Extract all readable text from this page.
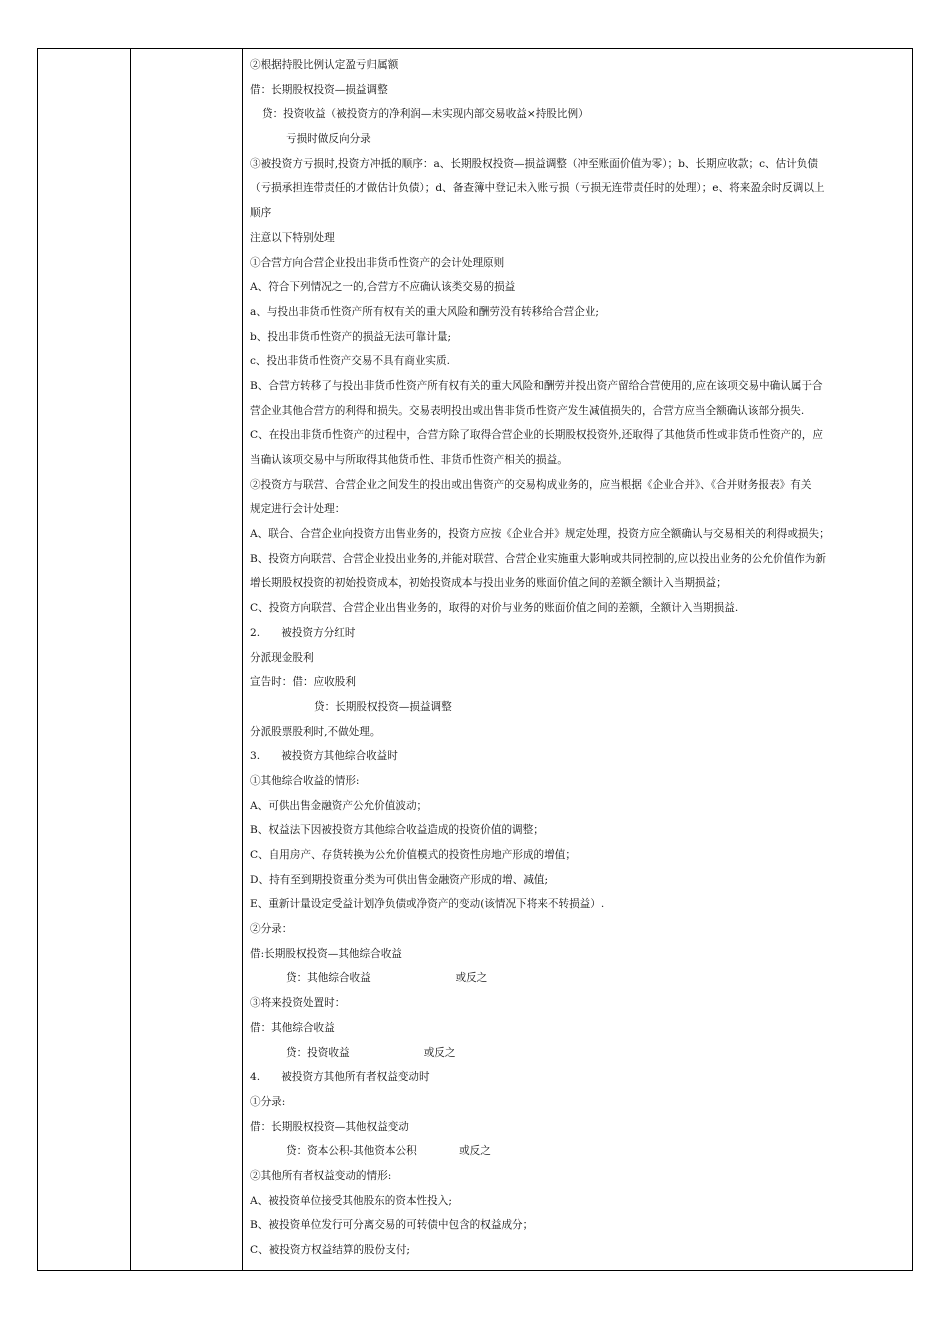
②根据持股比例认定盈亏归属额
借：长期股权投资—损益调整
贷：投资收益（被投资方的净利润—未实现内部交易收益×持股比例）
亏损时做反向分录
③被投资方亏损时,投资方冲抵的顺序：a、长期股权投资—损益调整（冲至账面价值为零）；b、长期应收款；c、估计负债
（亏损承担连带责任的才做估计负债）；d、备查簿中登记未入账亏损（亏损无连带责任时的处理）；e、将来盈余时反调以上
顺序
注意以下特别处理
①合营方向合营企业投出非货币性资产的会计处理原则
A、符合下列情况之一的,合营方不应确认该类交易的损益
a、与投出非货币性资产所有权有关的重大风险和酬劳没有转移给合营企业;
b、投出非货币性资产的损益无法可靠计量;
c、投出非货币性资产交易不具有商业实质.
B、合营方转移了与投出非货币性资产所有权有关的重大风险和酬劳并投出资产留给合营使用的,应在该项交易中确认属于合
营企业其他合营方的利得和损失。交易表明投出或出售非货币性资产发生减值损失的，合营方应当全额确认该部分损失.
C、在投出非货币性资产的过程中，合营方除了取得合营企业的长期股权投资外,还取得了其他货币性或非货币性资产的，应
当确认该项交易中与所取得其他货币性、非货币性资产相关的损益。
②投资方与联营、合营企业之间发生的投出或出售资产的交易构成业务的，应当根据《企业合并》、《合并财务报表》有关
规定进行会计处理：
A、联合、合营企业向投资方出售业务的，投资方应按《企业合并》规定处理，投资方应全额确认与交易相关的利得或损失；
B、投资方向联营、合营企业投出业务的,并能对联营、合营企业实施重大影响或共同控制的,应以投出业务的公允价值作为新
增长期股权投资的初始投资成本，初始投资成本与投出业务的账面价值之间的差额全额计入当期损益；
C、投资方向联营、合营企业出售业务的，取得的对价与业务的账面价值之间的差额，全额计入当期损益.
2.　　被投资方分红时
分派现金股利
宣告时：借：应收股利
贷：长期股权投资—损益调整
分派股票股利时,不做处理。
3.　　被投资方其他综合收益时
①其他综合收益的情形:
A、可供出售金融资产公允价值波动；
B、权益法下因被投资方其他综合收益造成的投资价值的调整；
C、自用房产、存货转换为公允价值模式的投资性房地产形成的增值；
D、持有至到期投资重分类为可供出售金融资产形成的增、减值;
E、重新计量设定受益计划净负债或净资产的变动(该情况下将来不转损益）.
②分录：
借:长期股权投资—其他综合收益
贷：其他综合收益　　　　　　　　或反之
③将来投资处置时：
借：其他综合收益
贷：投资收益　　　　　　　或反之
4.　　被投资方其他所有者权益变动时
①分录:
借：长期股权投资—其他权益变动
贷：资本公积-其他资本公积　　　　或反之
②其他所有者权益变动的情形:
A、被投资单位接受其他股东的资本性投入;
B、被投资单位发行可分离交易的可转债中包含的权益成分；
C、被投资方权益结算的股份支付;
